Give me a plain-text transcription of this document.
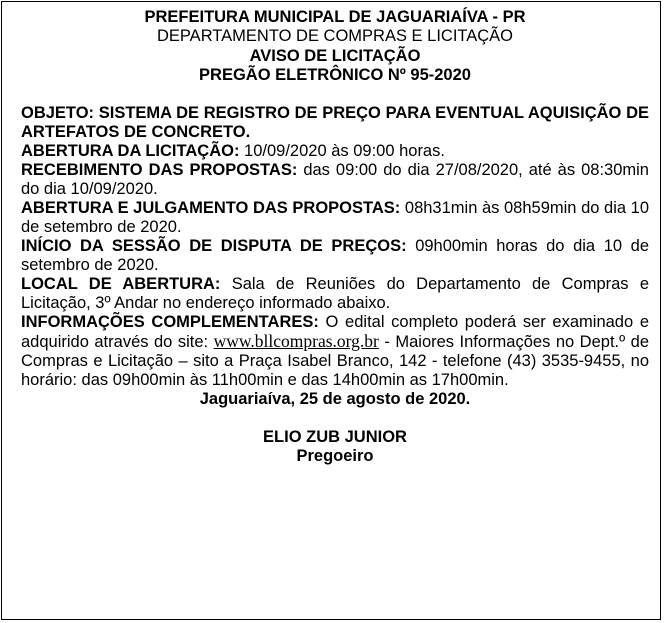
PREFEITURA MUNICIPAL DE JAGUARIAÍVA - PR
DEPARTAMENTO DE COMPRAS E LICITAÇÃO
AVISO DE LICITAÇÃO
PREGÃO ELETRÔNICO Nº 95-2020
OBJETO: SISTEMA DE REGISTRO DE PREÇO PARA EVENTUAL AQUISIÇÃO DE ARTEFATOS DE CONCRETO.
ABERTURA DA LICITAÇÃO: 10/09/2020 às 09:00 horas.
RECEBIMENTO DAS PROPOSTAS: das 09:00 do dia 27/08/2020, até às 08:30min do dia 10/09/2020.
ABERTURA E JULGAMENTO DAS PROPOSTAS: 08h31min às 08h59min do dia 10 de setembro de 2020.
INÍCIO DA SESSÃO DE DISPUTA DE PREÇOS: 09h00min horas do dia 10 de setembro de 2020.
LOCAL DE ABERTURA: Sala de Reuniões do Departamento de Compras e Licitação, 3º Andar no endereço informado abaixo.
INFORMAÇÕES COMPLEMENTARES: O edital completo poderá ser examinado e adquirido através do site: www.bllcompras.org.br - Maiores Informações no Dept.º de Compras e Licitação – sito a Praça Isabel Branco, 142 - telefone (43) 3535-9455, no horário: das 09h00min às 11h00min e das 14h00min as 17h00min.
Jaguariaíva, 25 de agosto de 2020.
ELIO ZUB JUNIOR
Pregoeiro
